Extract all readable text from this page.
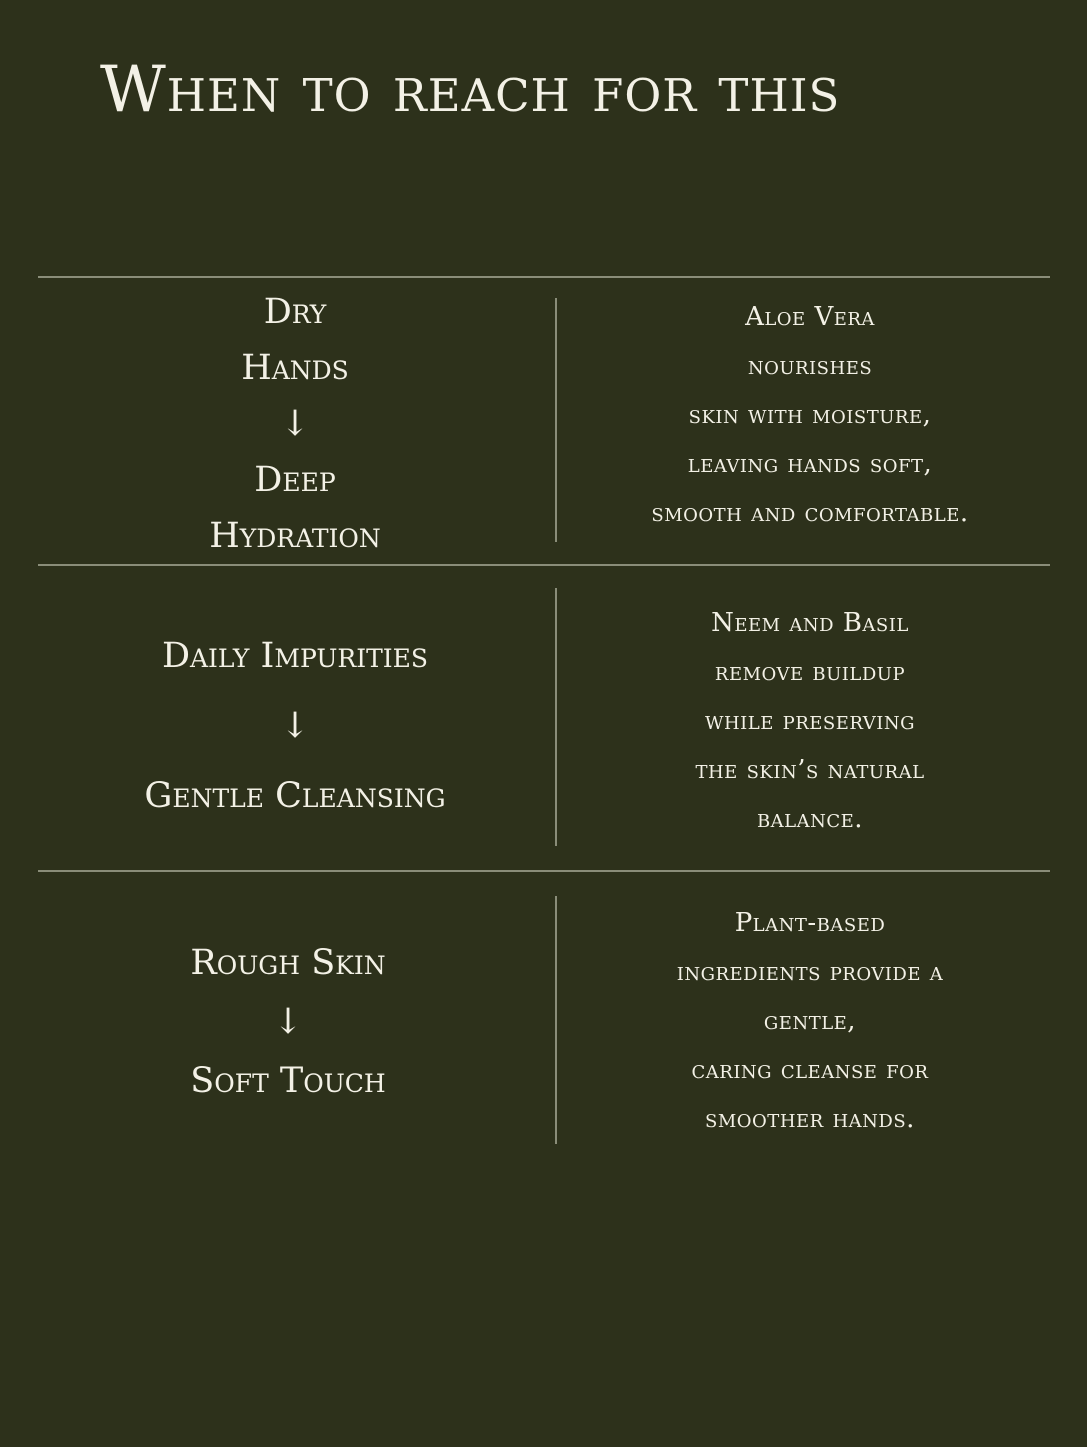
When to reach for this
Dry
Hands
↓
Deep
Hydration
Aloe Vera
nourishes
skin with moisture,
leaving hands soft,
smooth and comfortable.
Daily Impurities
↓
Gentle Cleansing
Neem and Basil
remove buildup
while preserving
the skin’s natural
balance.
Rough Skin
↓
Soft Touch
Plant-based
ingredients provide a
gentle,
caring cleanse for
smoother hands.
